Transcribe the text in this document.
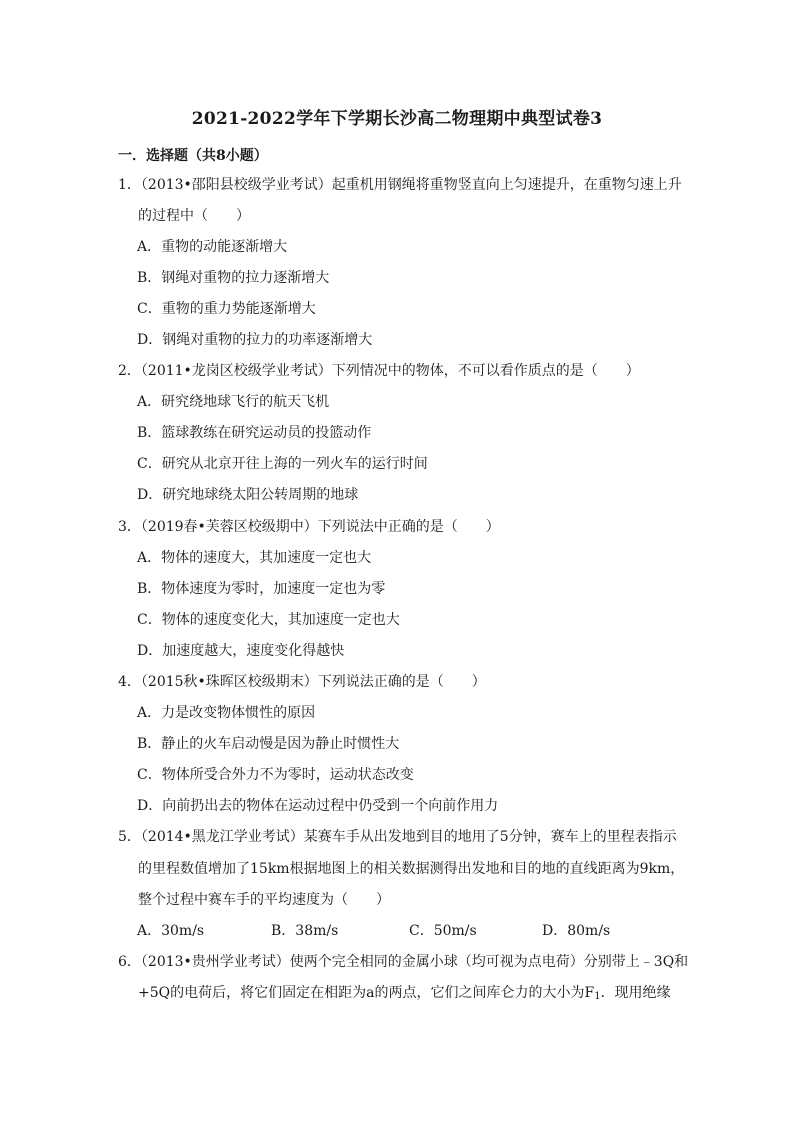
2021-2022学年下学期长沙高二物理期中典型试卷3
一．选择题（共8小题）
1．（2013•邵阳县校级学业考试）起重机用钢绳将重物竖直向上匀速提升，在重物匀速上升
的过程中（　　）
A．重物的动能逐渐增大
B．钢绳对重物的拉力逐渐增大
C．重物的重力势能逐渐增大
D．钢绳对重物的拉力的功率逐渐增大
2．（2011•龙岗区校级学业考试）下列情况中的物体，不可以看作质点的是（　　）
A．研究绕地球飞行的航天飞机
B．篮球教练在研究运动员的投篮动作
C．研究从北京开往上海的一列火车的运行时间
D．研究地球绕太阳公转周期的地球
3．（2019春•芙蓉区校级期中）下列说法中正确的是（　　）
A．物体的速度大，其加速度一定也大
B．物体速度为零时，加速度一定也为零
C．物体的速度变化大，其加速度一定也大
D．加速度越大，速度变化得越快
4．（2015秋•珠晖区校级期末）下列说法正确的是（　　）
A．力是改变物体惯性的原因
B．静止的火车启动慢是因为静止时惯性大
C．物体所受合外力不为零时，运动状态改变
D．向前扔出去的物体在运动过程中仍受到一个向前作用力
5．（2014•黑龙江学业考试）某赛车手从出发地到目的地用了5分钟，赛车上的里程表指示
的里程数值增加了15km根据地图上的相关数据测得出发地和目的地的直线距离为9km，
整个过程中赛车手的平均速度为（　　）
A．30m/s	B．38m/s	C．50m/s	D．80m/s
6．（2013•贵州学业考试）使两个完全相同的金属小球（均可视为点电荷）分别带上﹣3Q和
+5Q的电荷后，将它们固定在相距为a的两点，它们之间库仑力的大小为$F_1$．现用绝缘
